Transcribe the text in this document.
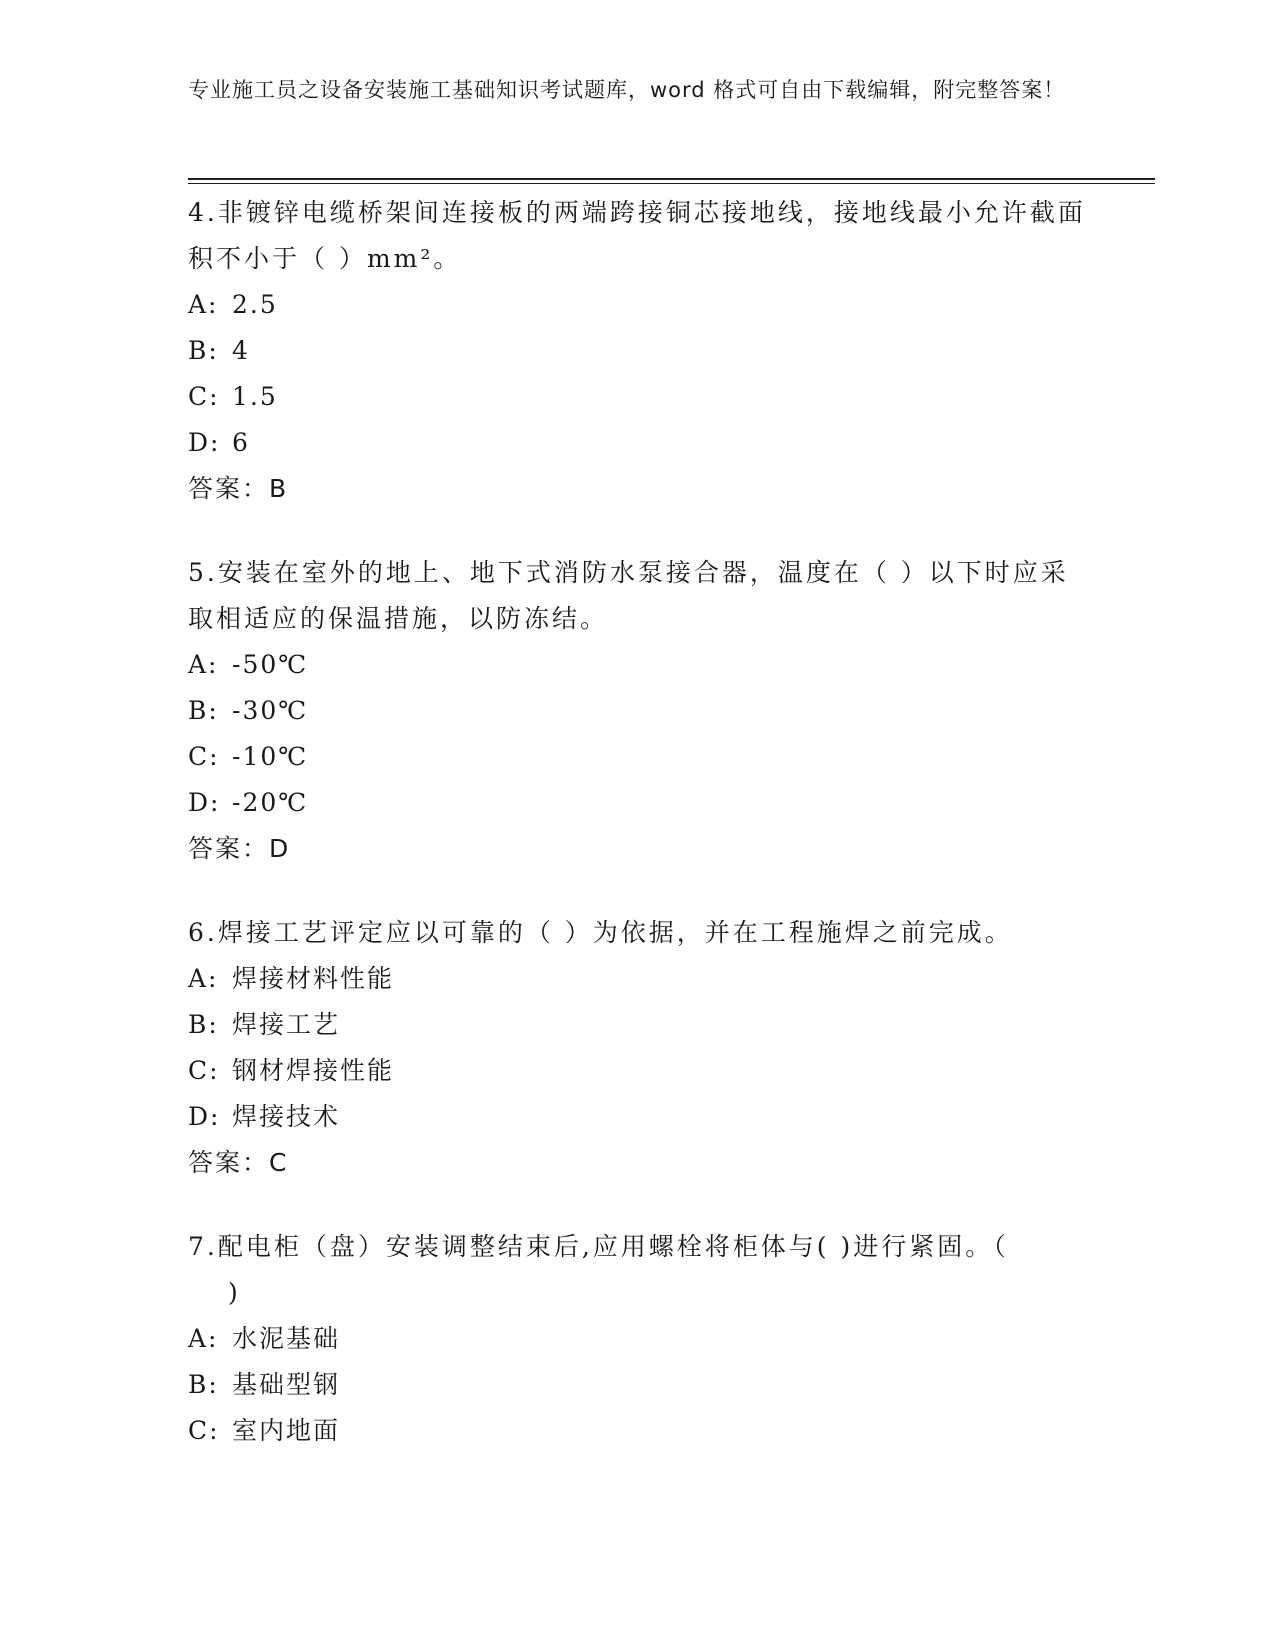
专业施工员之设备安装施工基础知识考试题库，word 格式可自由下载编辑，附完整答案！

4.非镀锌电缆桥架间连接板的两端跨接铜芯接地线，接地线最小允许截面积不小于（ ）mm²。

A: 2.5
B: 4
C: 1.5
D: 6
答案：B

5.安装在室外的地上、地下式消防水泵接合器，温度在（ ）以下时应采取相适应的保温措施，以防冻结。

A: -50℃
B: -30℃
C: -10℃
D: -20℃
答案：D

6.焊接工艺评定应以可靠的（ ）为依据，并在工程施焊之前完成。

A: 焊接材料性能
B: 焊接工艺
C: 钢材焊接性能
D: 焊接技术
答案：C

7.配电柜（盘）安装调整结束后,应用螺栓将柜体与( )进行紧固。（

)

A: 水泥基础
B: 基础型钢
C: 室内地面
